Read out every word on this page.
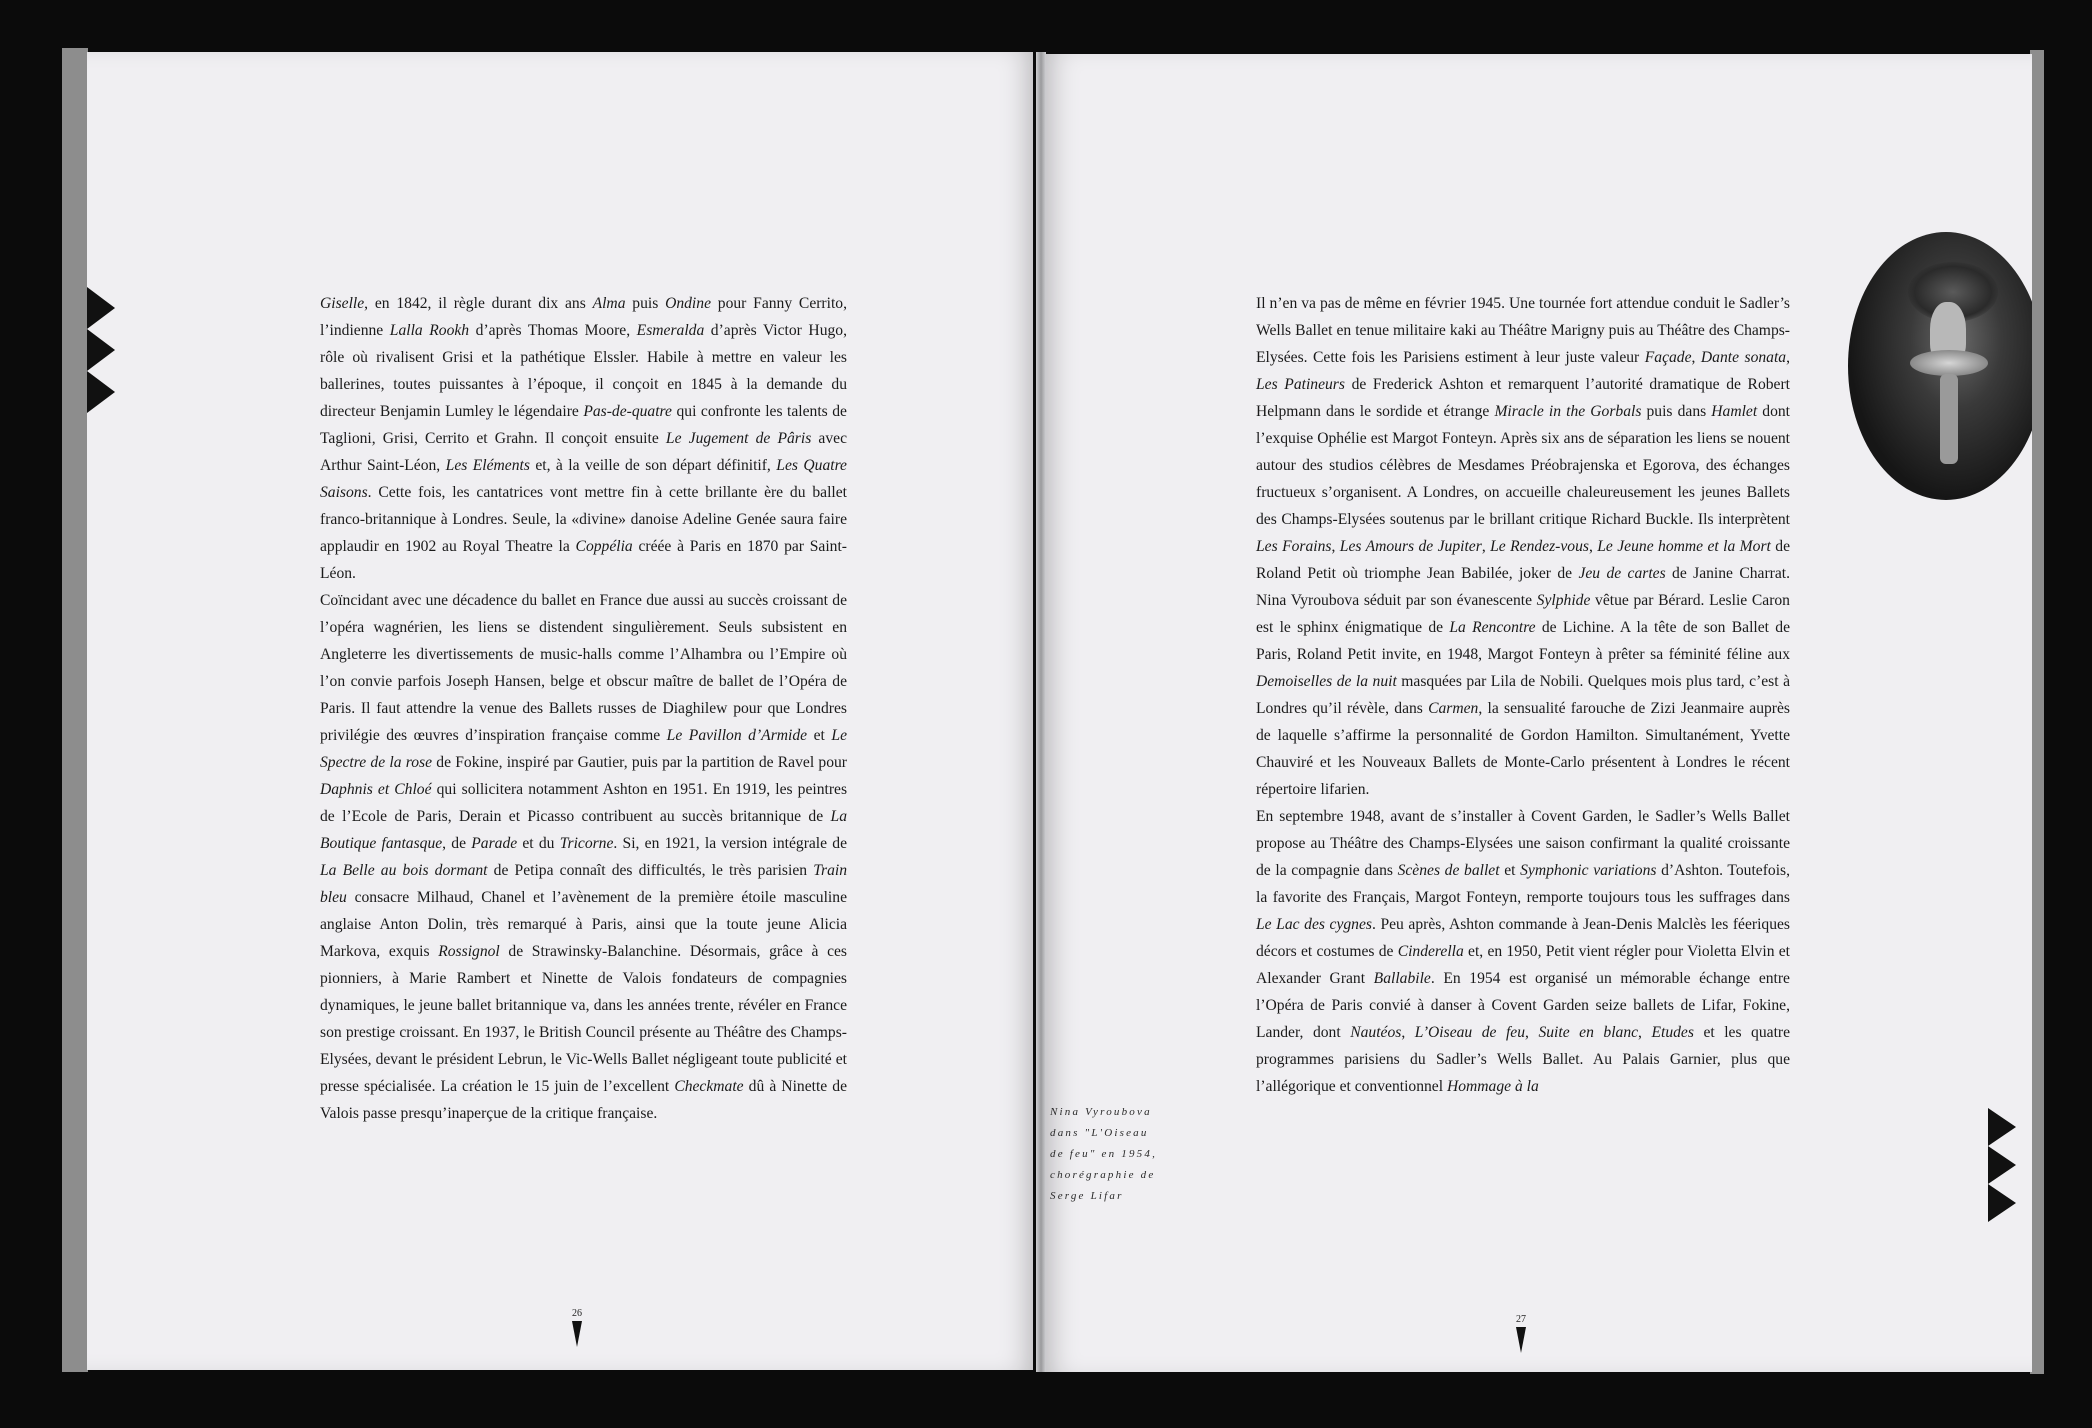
Giselle, en 1842, il règle durant dix ans Alma puis Ondine pour Fanny Cerrito, l’indienne Lalla Rookh d’après Thomas Moore, Esmeralda d’après Victor Hugo, rôle où rivalisent Grisi et la pathétique Elssler. Habile à mettre en valeur les ballerines, toutes puissantes à l’époque, il conçoit en 1845 à la demande du directeur Benjamin Lumley le légendaire Pas-de-quatre qui confronte les talents de Taglioni, Grisi, Cerrito et Grahn. Il conçoit ensuite Le Jugement de Pâris avec Arthur Saint-Léon, Les Eléments et, à la veille de son départ définitif, Les Quatre Saisons. Cette fois, les cantatrices vont mettre fin à cette brillante ère du ballet franco-britannique à Londres. Seule, la «divine» danoise Adeline Genée saura faire applaudir en 1902 au Royal Theatre la Coppélia créée à Paris en 1870 par Saint-Léon.

Coïncidant avec une décadence du ballet en France due aussi au succès croissant de l’opéra wagnérien, les liens se distendent singulièrement. Seuls subsistent en Angleterre les divertissements de music-halls comme l’Alhambra ou l’Empire où l’on convie parfois Joseph Hansen, belge et obscur maître de ballet de l’Opéra de Paris. Il faut attendre la venue des Ballets russes de Diaghilew pour que Londres privilégie des œuvres d’inspiration française comme Le Pavillon d’Armide et Le Spectre de la rose de Fokine, inspiré par Gautier, puis par la partition de Ravel pour Daphnis et Chloé qui sollicitera notamment Ashton en 1951. En 1919, les peintres de l’Ecole de Paris, Derain et Picasso contribuent au succès britannique de La Boutique fantasque, de Parade et du Tricorne. Si, en 1921, la version intégrale de La Belle au bois dormant de Petipa connaît des difficultés, le très parisien Train bleu consacre Milhaud, Chanel et l’avènement de la première étoile masculine anglaise Anton Dolin, très remarqué à Paris, ainsi que la toute jeune Alicia Markova, exquis Rossignol de Strawinsky-Balanchine. Désormais, grâce à ces pionniers, à Marie Rambert et Ninette de Valois fondateurs de compagnies dynamiques, le jeune ballet britannique va, dans les années trente, révéler en France son prestige croissant. En 1937, le British Council présente au Théâtre des Champs-Elysées, devant le président Lebrun, le Vic-Wells Ballet négligeant toute publicité et presse spécialisée. La création le 15 juin de l’excellent Checkmate dû à Ninette de Valois passe presqu’inaperçue de la critique française.

26

Nina Vyroubova

dans "L'Oiseau

de feu" en 1954,

chorégraphie de

Serge Lifar

Il n’en va pas de même en février 1945. Une tournée fort attendue conduit le Sadler’s Wells Ballet en tenue militaire kaki au Théâtre Marigny puis au Théâtre des Champs-Elysées. Cette fois les Parisiens estiment à leur juste valeur Façade, Dante sonata, Les Patineurs de Frederick Ashton et remarquent l’autorité dramatique de Robert Helpmann dans le sordide et étrange Miracle in the Gorbals puis dans Hamlet dont l’exquise Ophélie est Margot Fonteyn. Après six ans de séparation les liens se nouent autour des studios célèbres de Mesdames Préobrajenska et Egorova, des échanges fructueux s’organisent. A Londres, on accueille chaleureusement les jeunes Ballets des Champs-Elysées soutenus par le brillant critique Richard Buckle. Ils interprètent Les Forains, Les Amours de Jupiter, Le Rendez-vous, Le Jeune homme et la Mort de Roland Petit où triomphe Jean Babilée, joker de Jeu de cartes de Janine Charrat. Nina Vyroubova séduit par son évanescente Sylphide vêtue par Bérard. Leslie Caron est le sphinx énigmatique de La Rencontre de Lichine. A la tête de son Ballet de Paris, Roland Petit invite, en 1948, Margot Fonteyn à prêter sa féminité féline aux Demoiselles de la nuit masquées par Lila de Nobili. Quelques mois plus tard, c’est à Londres qu’il révèle, dans Carmen, la sensualité farouche de Zizi Jeanmaire auprès de laquelle s’affirme la personnalité de Gordon Hamilton. Simultanément, Yvette Chauviré et les Nouveaux Ballets de Monte-Carlo présentent à Londres le récent répertoire lifarien.

En septembre 1948, avant de s’installer à Covent Garden, le Sadler’s Wells Ballet propose au Théâtre des Champs-Elysées une saison confirmant la qualité croissante de la compagnie dans Scènes de ballet et Symphonic variations d’Ashton. Toutefois, la favorite des Français, Margot Fonteyn, remporte toujours tous les suffrages dans Le Lac des cygnes. Peu après, Ashton commande à Jean-Denis Malclès les féeriques décors et costumes de Cinderella et, en 1950, Petit vient régler pour Violetta Elvin et Alexander Grant Ballabile. En 1954 est organisé un mémorable échange entre l’Opéra de Paris convié à danser à Covent Garden seize ballets de Lifar, Fokine, Lander, dont Nautéos, L’Oiseau de feu, Suite en blanc, Etudes et les quatre programmes parisiens du Sadler’s Wells Ballet. Au Palais Garnier, plus que l’allégorique et conventionnel Hommage à la

27
